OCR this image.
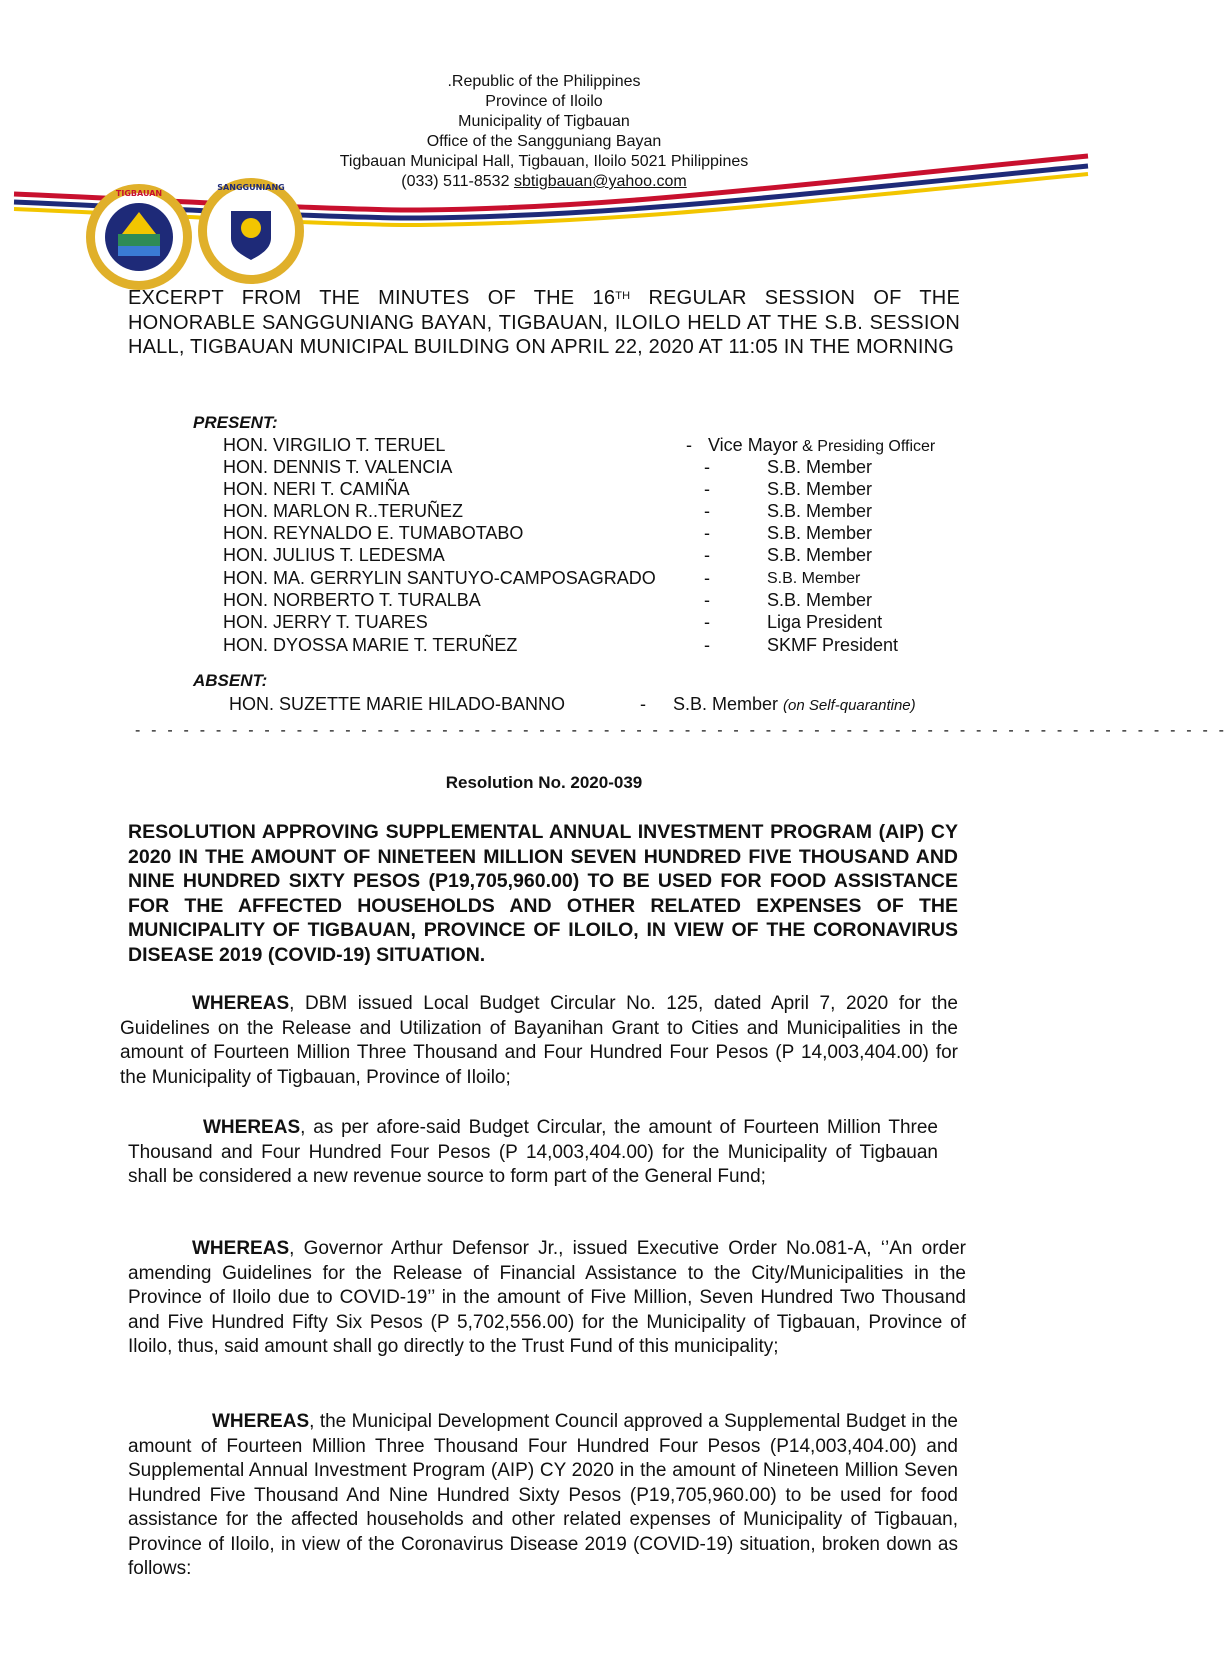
TIGBAUAN
SANGGUNIANG
.Republic of the Philippines
Province of Iloilo
Municipality of Tigbauan
Office of the Sangguniang Bayan
Tigbauan Municipal Hall, Tigbauan, Iloilo 5021 Philippines
(033) 511-8532 sbtigbauan@yahoo.com
EXCERPT FROM THE MINUTES OF THE 16TH REGULAR SESSION OF THE HONORABLE SANGGUNIANG BAYAN, TIGBAUAN, ILOILO HELD AT THE S.B. SESSION HALL, TIGBAUAN MUNICIPAL BUILDING ON APRIL 22, 2020 AT 11:05 IN THE MORNING
PRESENT:
HON. VIRGILIO T. TERUEL	- Vice Mayor & Presiding Officer
HON. DENNIS T. VALENCIA	-	S.B. Member
HON. NERI T. CAMIÑA	-	S.B. Member
HON. MARLON R..TERUÑEZ	-	S.B. Member
HON. REYNALDO E. TUMABOTABO	-	S.B. Member
HON. JULIUS T. LEDESMA	-	S.B. Member
HON. MA. GERRYLIN SANTUYO-CAMPOSAGRADO	-	S.B. Member
HON. NORBERTO T. TURALBA	-	S.B. Member
HON. JERRY T. TUARES	-	Liga President
HON. DYOSSA MARIE T. TERUÑEZ	-	SKMF President
ABSENT:
HON. SUZETTE MARIE HILADO-BANNO	- S.B. Member (on Self-quarantine)
- - - - - - - - - - - - - - - - - - - - - - - - - - - - - - - - - - - - - - - - - - - - - - - - - - - - - - - - - - - - - - - - - - - -
Resolution No. 2020-039
RESOLUTION APPROVING SUPPLEMENTAL ANNUAL INVESTMENT PROGRAM (AIP) CY 2020 IN THE AMOUNT OF NINETEEN MILLION SEVEN HUNDRED FIVE THOUSAND AND NINE HUNDRED SIXTY PESOS (P19,705,960.00) TO BE USED FOR FOOD ASSISTANCE FOR THE AFFECTED HOUSEHOLDS AND OTHER RELATED EXPENSES OF THE MUNICIPALITY OF TIGBAUAN, PROVINCE OF ILOILO, IN VIEW OF THE CORONAVIRUS DISEASE 2019 (COVID-19) SITUATION.
WHEREAS, DBM issued Local Budget Circular No. 125, dated April 7, 2020 for the Guidelines on the Release and Utilization of Bayanihan Grant to Cities and Municipalities in the amount of Fourteen Million Three Thousand and Four Hundred Four Pesos (P 14,003,404.00) for the Municipality of Tigbauan, Province of Iloilo;
WHEREAS, as per afore-said Budget Circular, the amount of Fourteen Million Three Thousand and Four Hundred Four Pesos (P 14,003,404.00) for the Municipality of Tigbauan shall be considered a new revenue source to form part of the General Fund;
WHEREAS, Governor Arthur Defensor Jr., issued Executive Order No.081-A, ‘’An order amending Guidelines for the Release of Financial Assistance to the City/Municipalities in the Province of Iloilo due to COVID-19’’ in the amount of Five Million, Seven Hundred Two Thousand and Five Hundred Fifty Six Pesos (P 5,702,556.00) for the Municipality of Tigbauan, Province of Iloilo, thus, said amount shall go directly to the Trust Fund of this municipality;
WHEREAS, the Municipal Development Council approved a Supplemental Budget in the amount of Fourteen Million Three Thousand Four Hundred Four Pesos (P14,003,404.00) and Supplemental Annual Investment Program (AIP) CY 2020 in the amount of Nineteen Million Seven Hundred Five Thousand And Nine Hundred Sixty Pesos (P19,705,960.00) to be used for food assistance for the affected households and other related expenses of Municipality of Tigbauan, Province of Iloilo, in view of the Coronavirus Disease 2019 (COVID-19) situation, broken down as follows:
